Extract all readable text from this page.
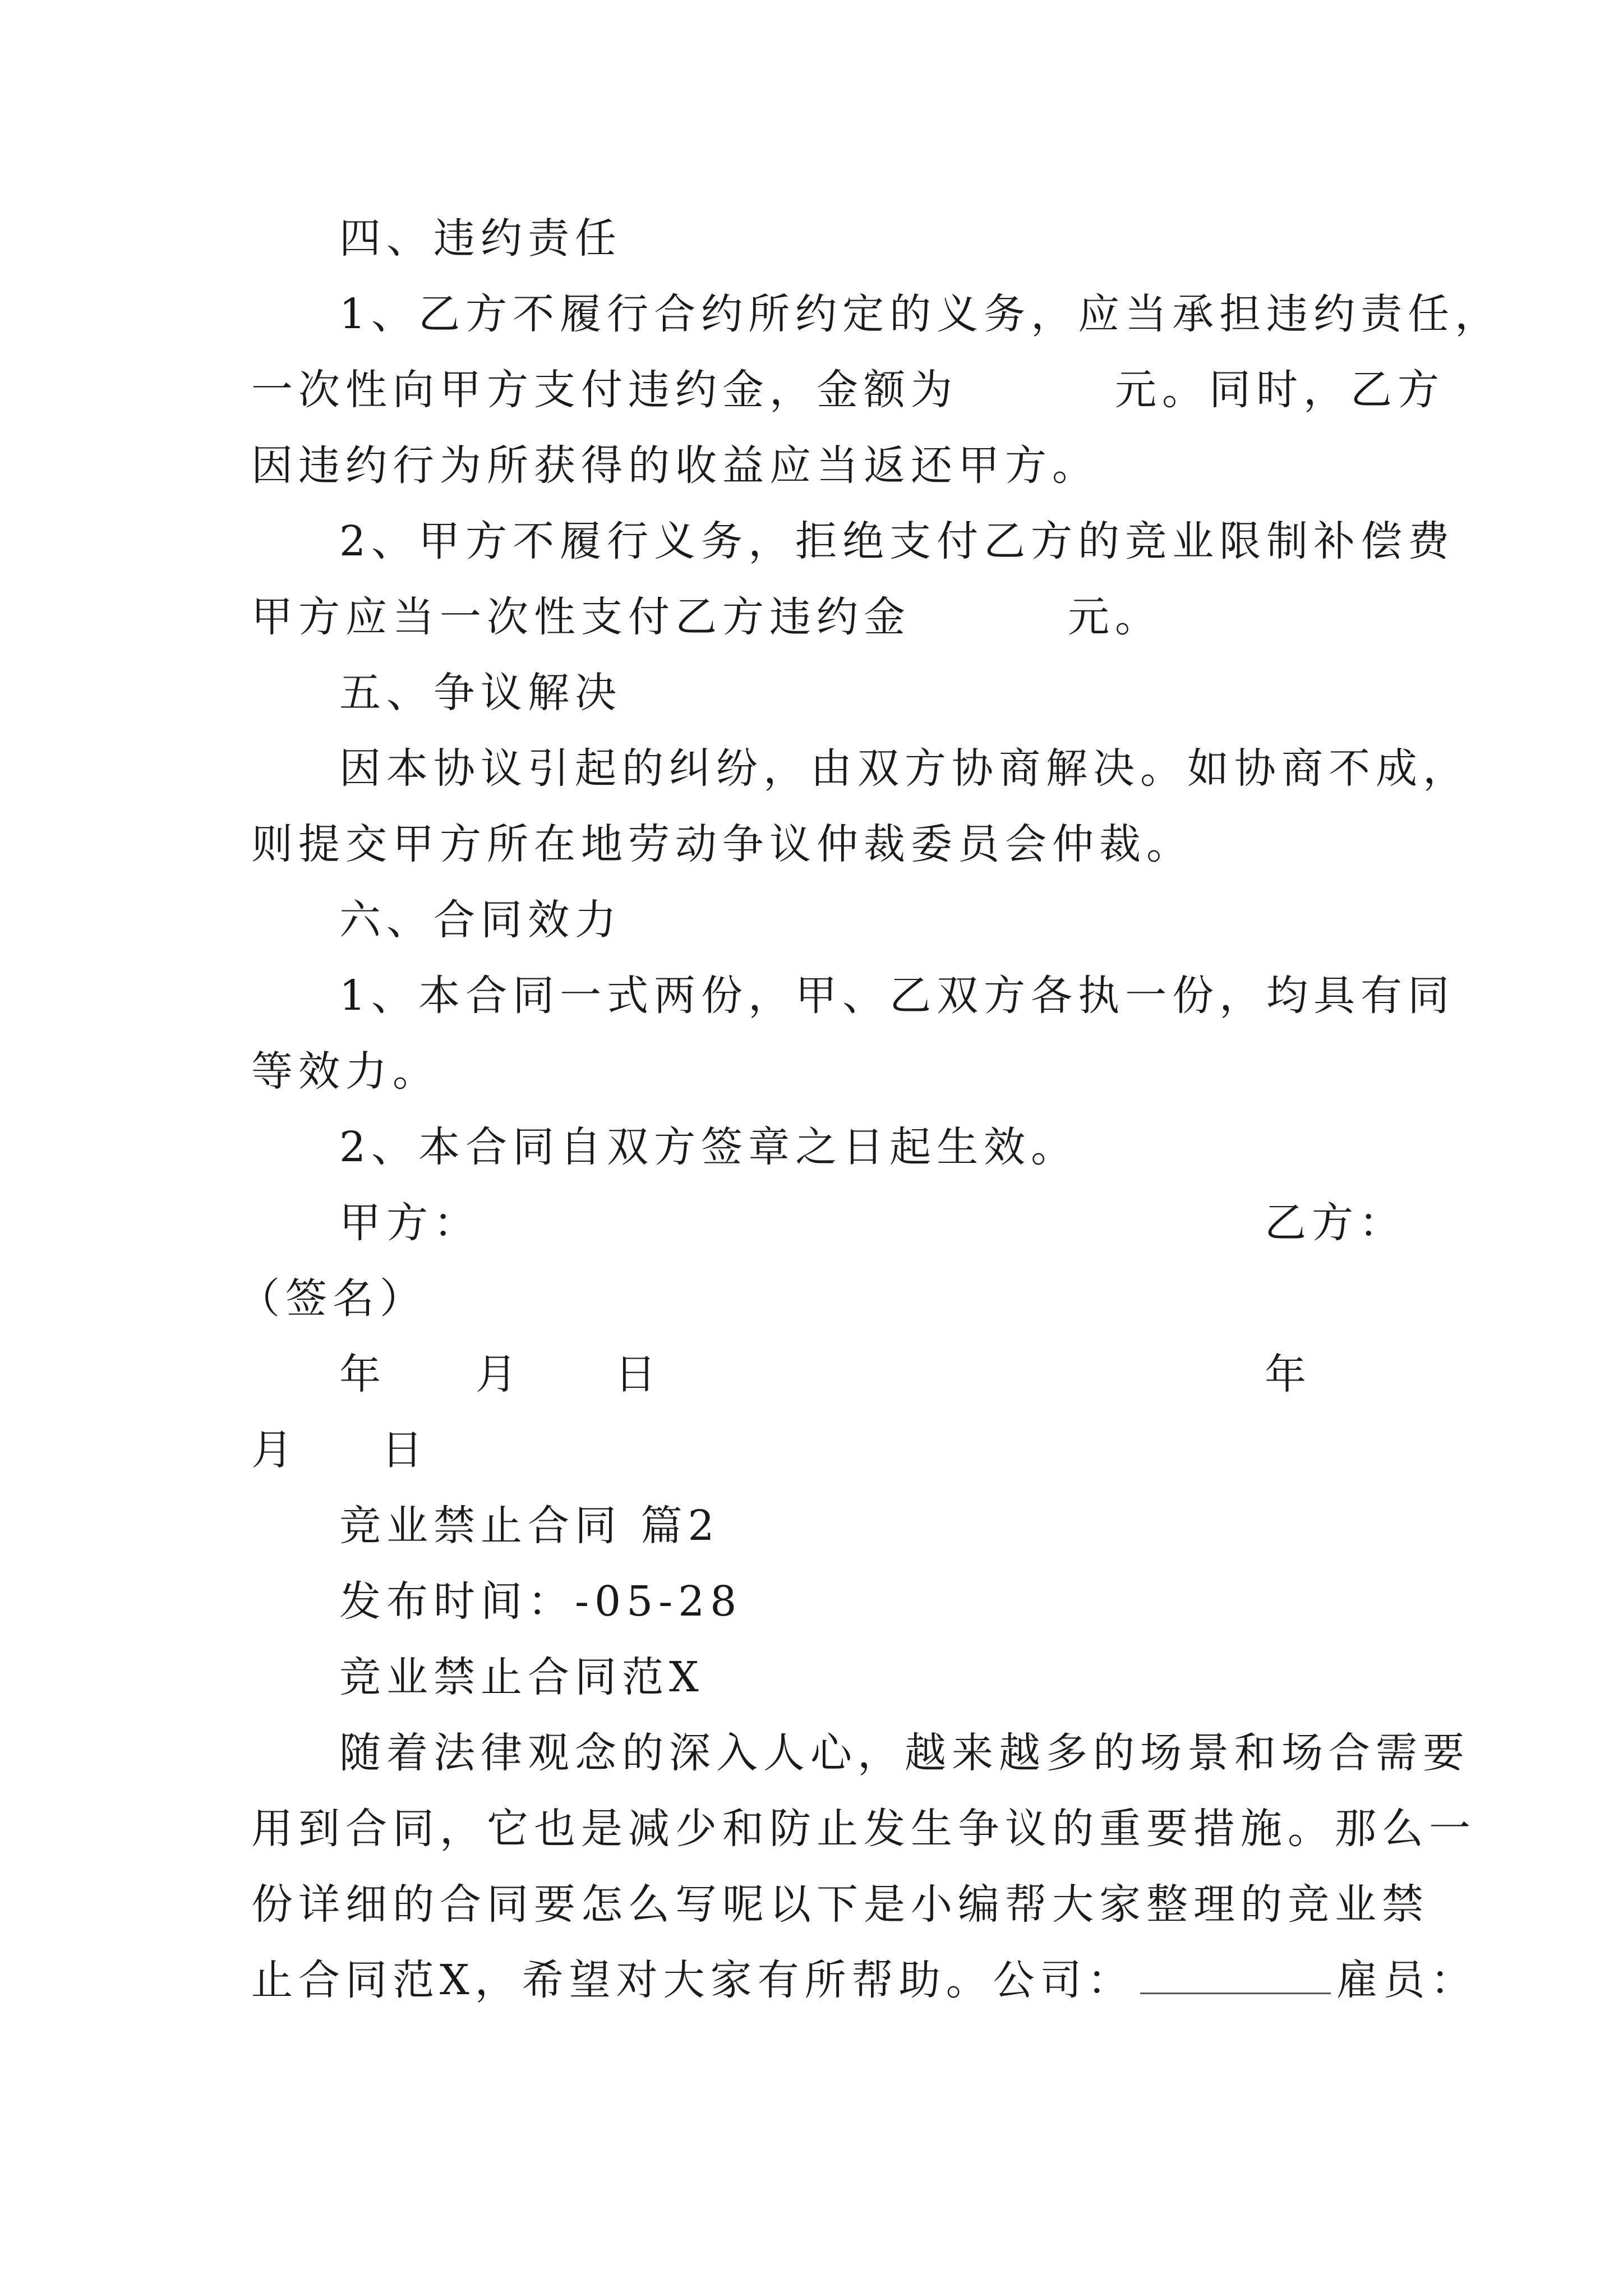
四、违约责任
1、乙方不履行合约所约定的义务，应当承担违约责任，
一次性向甲方支付违约金，金额为	元。同时，乙方
因违约行为所获得的收益应当返还甲方。
2、甲方不履行义务，拒绝支付乙方的竞业限制补偿费
甲方应当一次性支付乙方违约金	元。
五、争议解决
因本协议引起的纠纷，由双方协商解决。如协商不成，
则提交甲方所在地劳动争议仲裁委员会仲裁。
六、合同效力
1、本合同一式两份，甲、乙双方各执一份，均具有同
等效力。
2、本合同自双方签章之日起生效。
甲方：	乙方：
（签名）
年 月 日	年
月 日
竞业禁止合同 篇2
发布时间：-05-28
竞业禁止合同范X
随着法律观念的深入人心，越来越多的场景和场合需要
用到合同，它也是减少和防止发生争议的重要措施。那么一
份详细的合同要怎么写呢以下是小编帮大家整理的竞业禁
止合同范X，希望对大家有所帮助。公司：	雇员：
